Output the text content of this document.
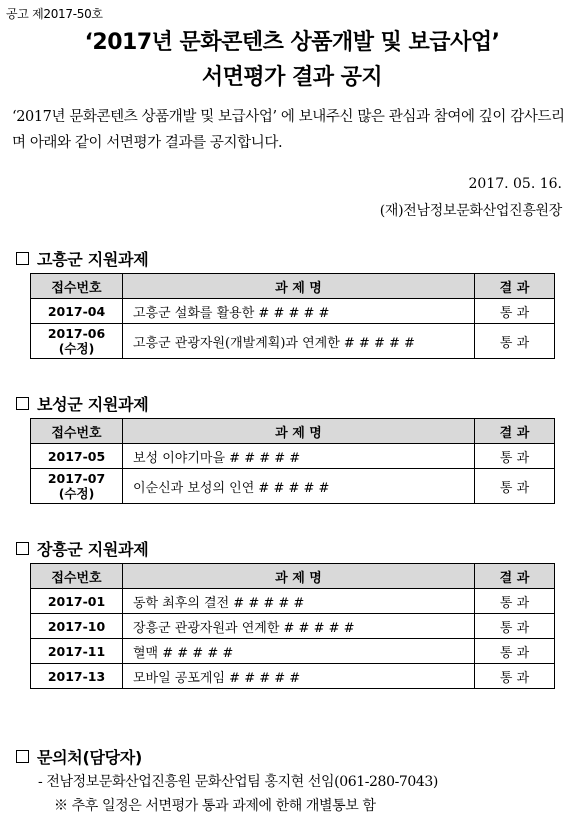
공고 제2017-50호
‘2017년 문화콘텐츠 상품개발 및 보급사업’
서면평가 결과 공지
‘2017년 문화콘텐츠 상품개발 및 보급사업’ 에 보내주신 많은 관심과 참여에 깊이 감사드리며 아래와 같이 서면평가 결과를 공지합니다.
2017. 05. 16.
(재)전남정보문화산업진흥원장
고흥군 지원과제
접수번호	과 제 명	결 과
2017-04	고흥군 설화를 활용한 # # # # #	통 과

2017-06
(수정)	고흥군 관광자원(개발계획)과 연계한 # # # # #	통 과
보성군 지원과제
접수번호	과 제 명	결 과
2017-05	보성 이야기마을 # # # # #	통 과

2017-07
(수정)	이순신과 보성의 인연 # # # # #	통 과
장흥군 지원과제
접수번호	과 제 명	결 과
2017-01	동학 최후의 결전 # # # # #	통 과
2017-10	장흥군 관광자원과 연계한 # # # # #	통 과
2017-11	혈맥 # # # # #	통 과
2017-13	모바일 공포게임 # # # # #	통 과
문의처(담당자)
- 전남정보문화산업진흥원 문화산업팀 홍지현 선임(061-280-7043)
※ 추후 일정은 서면평가 통과 과제에 한해 개별통보 함
